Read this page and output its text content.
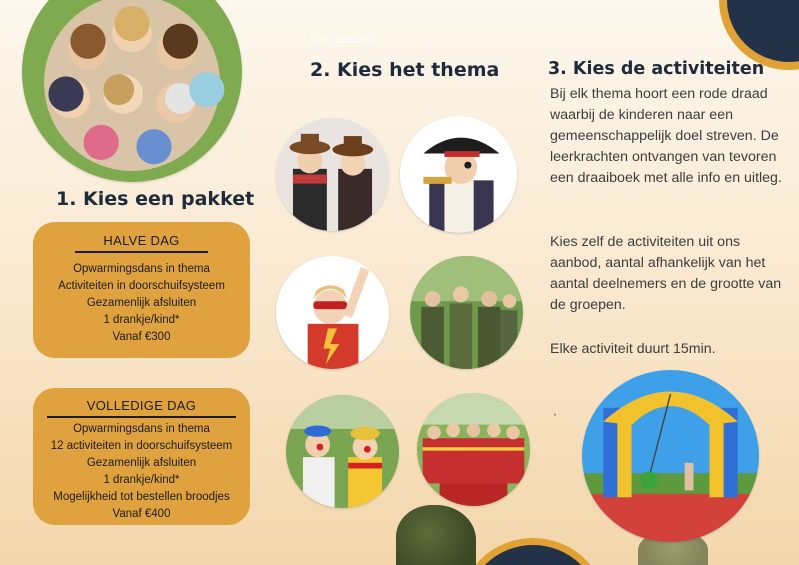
Ons aanbod
1. Kies een pakket
2. Kies het thema	3. Kies de activiteiten
HALVE DAG
Opwarmingsdans in thema
Activiteiten in doorschuifsysteem
Gezamenlijk afsluiten
1 drankje/kind*
Vanaf €300
VOLLEDIGE DAG
Opwarmingsdans in thema
12 activiteiten in doorschuifsysteem
Gezamenlijk afsluiten
1 drankje/kind*
Mogelijkheid tot bestellen broodjes
Vanaf €400
Bij elk thema hoort een rode draad waarbij de kinderen naar een gemeenschappelijk doel streven. De leerkrachten ontvangen van tevoren een draaiboek met alle info en uitleg.
Kies zelf de activiteiten uit ons aanbod, aantal afhankelijk van het aantal deelnemers en de grootte van de groepen.
Elke activiteit duurt 15min.
·
